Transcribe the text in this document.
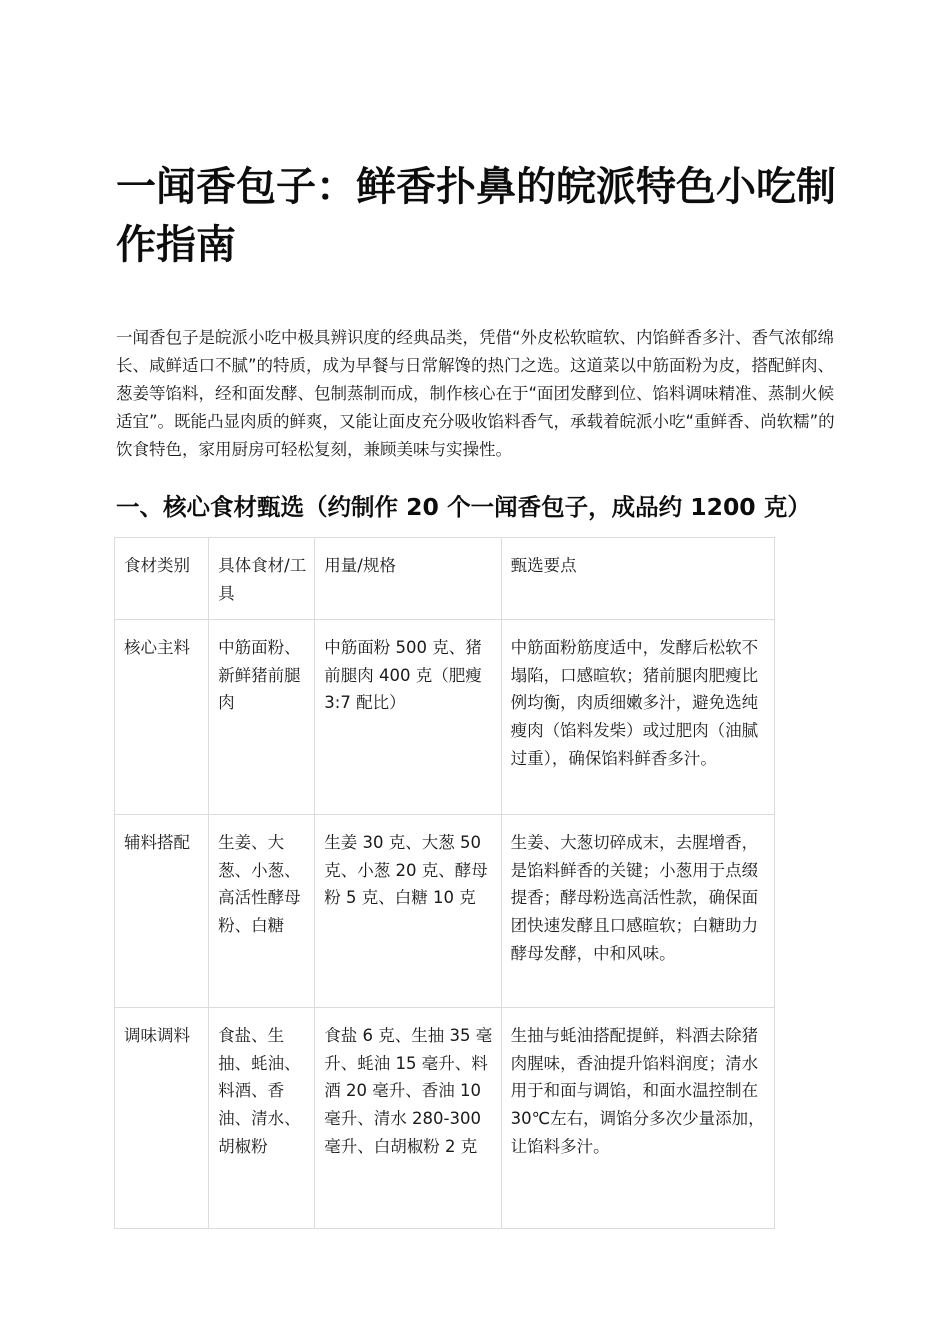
一闻香包子：鲜香扑鼻的皖派特色小吃制作指南

一闻香包子是皖派小吃中极具辨识度的经典品类，凭借“外皮松软暄软、内馅鲜香多汁、香气浓郁绵长、咸鲜适口不腻”的特质，成为早餐与日常解馋的热门之选。这道菜以中筋面粉为皮，搭配鲜肉、葱姜等馅料，经和面发酵、包制蒸制而成，制作核心在于“面团发酵到位、馅料调味精准、蒸制火候适宜”。既能凸显肉质的鲜爽，又能让面皮充分吸收馅料香气，承载着皖派小吃“重鲜香、尚软糯”的饮食特色，家用厨房可轻松复刻，兼顾美味与实操性。

一、核心食材甄选（约制作 20 个一闻香包子，成品约 1200 克）
食材类别	具体食材/工具	用量/规格	甄选要点
核心主料	中筋面粉、新鲜猪前腿肉	中筋面粉 500 克、猪前腿肉 400 克（肥瘦 3:7 配比）	中筋面粉筋度适中，发酵后松软不塌陷，口感暄软；猪前腿肉肥瘦比例均衡，肉质细嫩多汁，避免选纯瘦肉（馅料发柴）或过肥肉（油腻过重），确保馅料鲜香多汁。
辅料搭配	生姜、大葱、小葱、高活性酵母粉、白糖	生姜 30 克、大葱 50 克、小葱 20 克、酵母粉 5 克、白糖 10 克	生姜、大葱切碎成末，去腥增香，是馅料鲜香的关键；小葱用于点缀提香；酵母粉选高活性款，确保面团快速发酵且口感暄软；白糖助力酵母发酵，中和风味。
调味调料	食盐、生抽、蚝油、料酒、香油、清水、胡椒粉	食盐 6 克、生抽 35 毫升、蚝油 15 毫升、料酒 20 毫升、香油 10 毫升、清水 280-300 毫升、白胡椒粉 2 克	生抽与蚝油搭配提鲜，料酒去除猪肉腥味，香油提升馅料润度；清水用于和面与调馅，和面水温控制在 30℃左右，调馅分多次少量添加，让馅料多汁。
